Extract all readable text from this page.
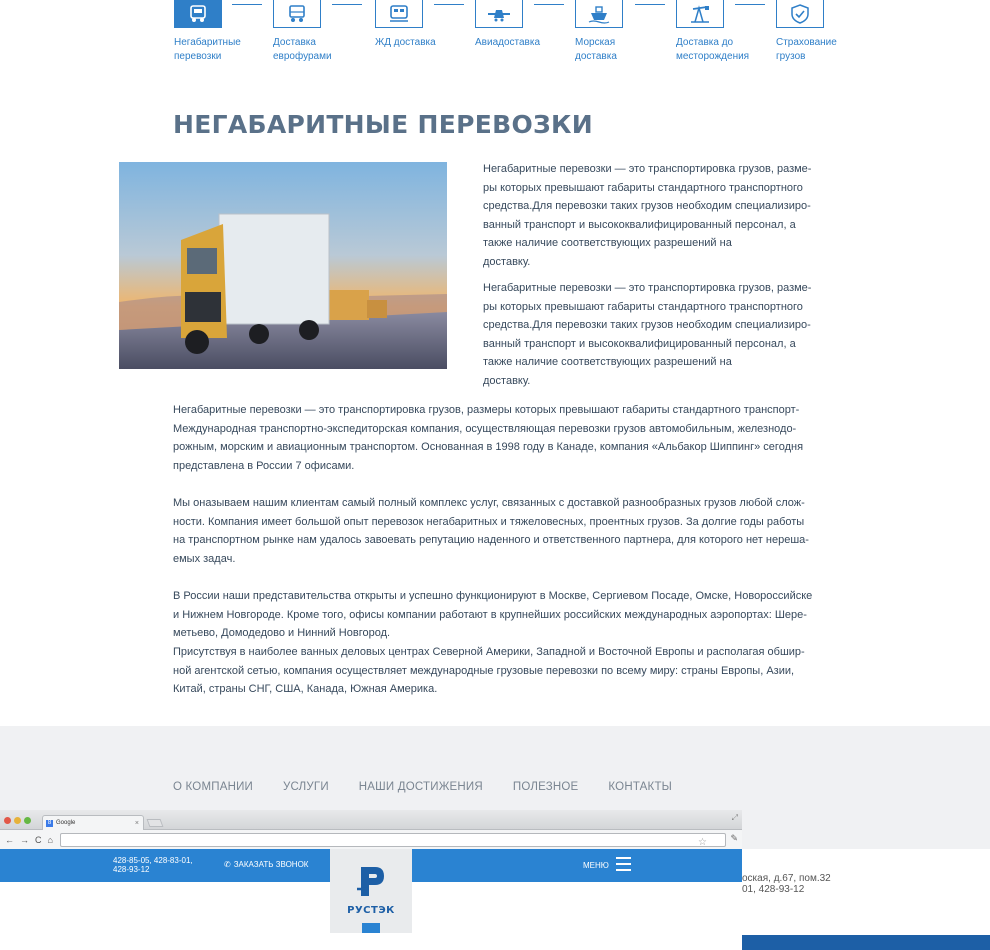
Негабаритные
перевозки
Доставка
еврофурами
ЖД доставка	Авиадоставка	Морская
доставка
Доставка до
месторождения
Страхование
грузов
НЕГАБАРИТНЫЕ ПЕРЕВОЗКИ
Негабаритные перевозки — это транспортировка грузов, разме-
ры которых превышают габариты стандартного транспортного
средства.Для перевозки таких грузов необходим специализиро-
ванный транспорт и высококвалифицированный персонал, а
также наличие соответствующих разрешений на
доставку.
Негабаритные перевозки — это транспортировка грузов, разме-
ры которых превышают габариты стандартного транспортного
средства.Для перевозки таких грузов необходим специализиро-
ванный транспорт и высококвалифицированный персонал, а
также наличие соответствующих разрешений на
доставку.
Негабаритные перевозки — это транспортировка грузов, размеры которых превышают габариты стандартного транспорт-
Международная транспортно-экспедиторская компания, осуществляющая перевозки грузов автомобильным, железнодо-
рожным, морским и авиационным транспортом. Основанная в 1998 году в Канаде, компания «Альбакор Шиппинг» сегодня
представлена в России 7 офисами.
Мы оназываем нашим клиентам самый полный комплекс услуг, связанных с доставкой разнообразных грузов любой слож-
ности. Компания имеет большой опыт перевозок негабаритных и тяжеловесных, проентных грузов. За долгие годы работы
на транспортном рынке нам удалось завоевать репутацию наденного и ответственного партнера, для которого нет нереша-
емых задач.
В России наши представительства открыты и успешно функционируют в Москве, Сергиевом Посаде, Омске, Новороссийске
и Нижнем Новгороде. Кроме того, офисы компании работают в крупнейших российских международных аэропортах: Шере-
метьево, Домодедово и Нинний Новгород.
Присутствуя в наиболее ванных деловых центрах Северной Америки, Западной и Восточной Европы и располагая обшир-
ной агентской сетью, компания осуществляет международные грузовые перевозки по всему миру: страны Европы, Азии,
Китай, страны СНГ, США, Канада, Южная Америка.
О КОМПАНИИ	УСЛУГИ	НАШИ ДОСТИЖЕНИЯ	ПОЛЕЗНОЕ	КОНТАКТЫ
оская, д.67, пом.32
01, 428-93-12
8 Google	×
⤢
← → C ⌂	☆	✎
428-85-05, 428-83-01,
428-93-12
✆ ЗАКАЗАТЬ ЗВОНОК	МЕНЮ
РУСТЭК
